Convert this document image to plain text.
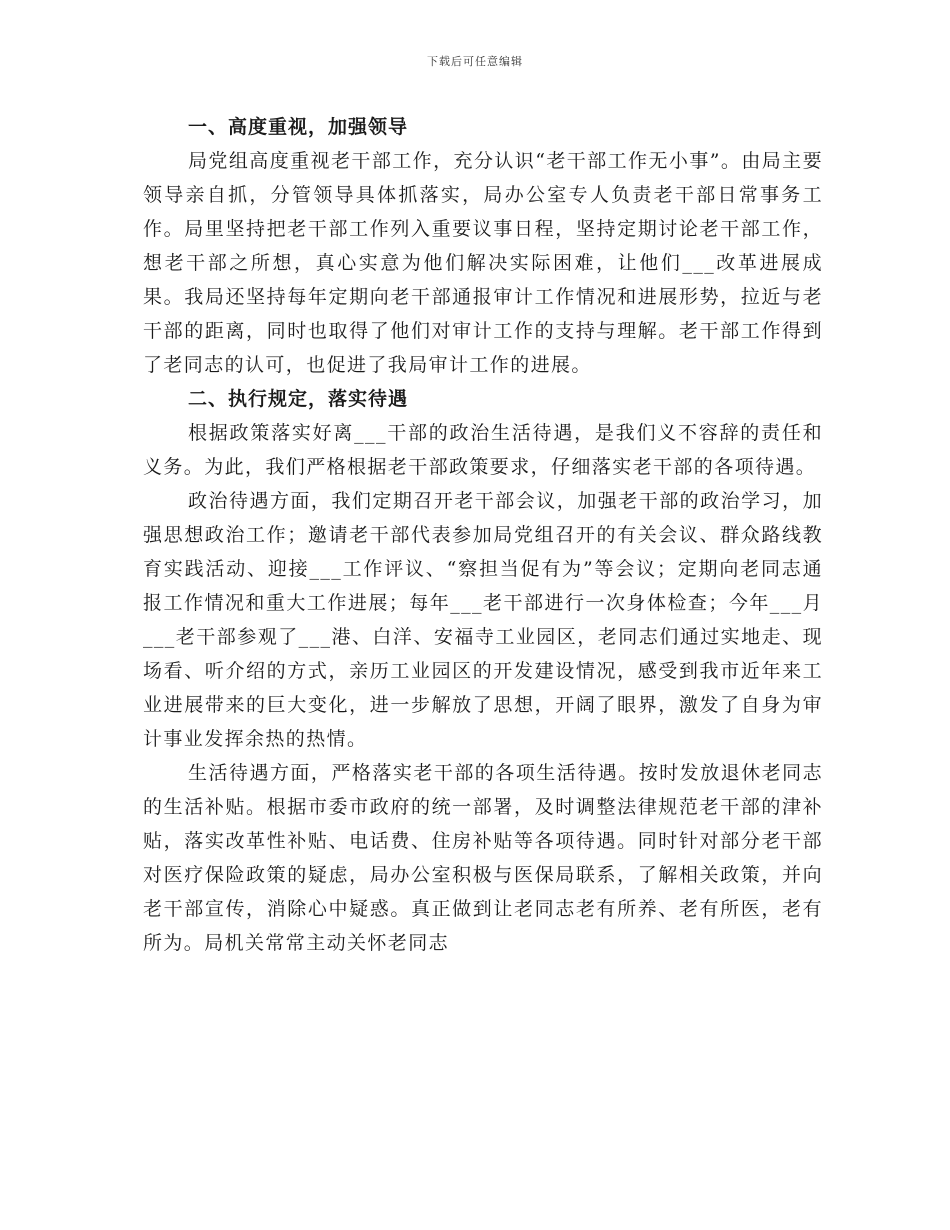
下载后可任意编辑
一、高度重视，加强领导

局党组高度重视老干部工作，充分认识“老干部工作无小事”。由局主要领导亲自抓，分管领导具体抓落实，局办公室专人负责老干部日常事务工作。局里坚持把老干部工作列入重要议事日程，坚持定期讨论老干部工作，想老干部之所想，真心实意为他们解决实际困难，让他们___改革进展成果。我局还坚持每年定期向老干部通报审计工作情况和进展形势，拉近与老干部的距离，同时也取得了他们对审计工作的支持与理解。老干部工作得到了老同志的认可，也促进了我局审计工作的进展。

二、执行规定，落实待遇

根据政策落实好离___干部的政治生活待遇，是我们义不容辞的责任和义务。为此，我们严格根据老干部政策要求，仔细落实老干部的各项待遇。

政治待遇方面，我们定期召开老干部会议，加强老干部的政治学习，加强思想政治工作；邀请老干部代表参加局党组召开的有关会议、群众路线教育实践活动、迎接___工作评议、“察担当促有为”等会议；定期向老同志通报工作情况和重大工作进展；每年___老干部进行一次身体检查；今年___月___老干部参观了___港、白洋、安福寺工业园区，老同志们通过实地走、现场看、听介绍的方式，亲历工业园区的开发建设情况，感受到我市近年来工业进展带来的巨大变化，进一步解放了思想，开阔了眼界，激发了自身为审计事业发挥余热的热情。

生活待遇方面，严格落实老干部的各项生活待遇。按时发放退休老同志的生活补贴。根据市委市政府的统一部署，及时调整法律规范老干部的津补贴，落实改革性补贴、电话费、住房补贴等各项待遇。同时针对部分老干部对医疗保险政策的疑虑，局办公室积极与医保局联系，了解相关政策，并向老干部宣传，消除心中疑惑。真正做到让老同志老有所养、老有所医，老有所为。局机关常常主动关怀老同志
